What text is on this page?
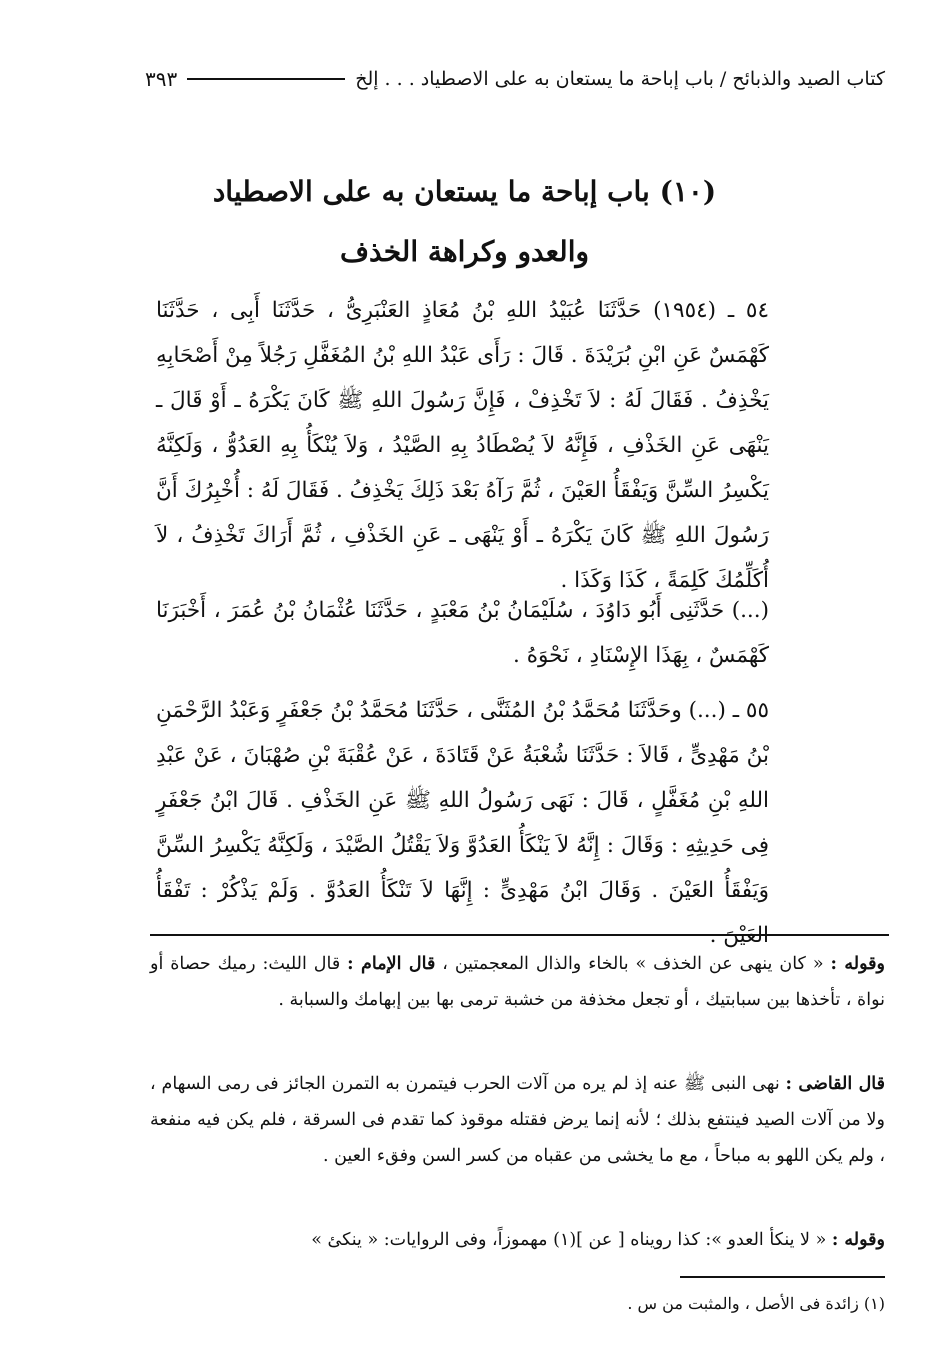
كتاب الصيد والذبائح / باب إباحة ما يستعان به على الاصطياد . . . إلخ
٣٩٣
(١٠) باب إباحة ما يستعان به على الاصطياد
والعدو وكراهة الخذف
٥٤ ـ (١٩٥٤) حَدَّثَنَا عُبَيْدُ اللهِ بْنُ مُعَاذٍ العَنْبَرِىُّ ، حَدَّثَنَا أَبِى ، حَدَّثَنَا كَهْمَسٌ عَنِ ابْنِ بُرَيْدَةَ . قَالَ : رَأَى عَبْدُ اللهِ بْنُ المُغَفَّلِ رَجُلاً مِنْ أَصْحَابِهِ يَخْذِفُ . فَقَالَ لَهُ : لاَ تَخْذِفْ ، فَإِنَّ رَسُولَ اللهِ ﷺ كَانَ يَكْرَهُ ـ أَوْ قَالَ ـ يَنْهَى عَنِ الخَذْفِ ، فَإِنَّهُ لاَ يُصْطَادُ بِهِ الصَّيْدُ ، وَلاَ يُنْكَأُ بِهِ العَدُوُّ ، وَلَكِنَّهُ يَكْسِرُ السِّنَّ وَيَفْقَأُ العَيْنَ ، ثُمَّ رَآهُ بَعْدَ ذَلِكَ يَخْذِفُ . فَقَالَ لَهُ : أُخْبِرُكَ أَنَّ رَسُولَ اللهِ ﷺ كَانَ يَكْرَهُ ـ أَوْ يَنْهَى ـ عَنِ الخَذْفِ ، ثُمَّ أَرَاكَ تَخْذِفُ ، لاَ أُكَلِّمُكَ كَلِمَةً ، كَذَا وَكَذَا .
(...) حَدَّثَنِى أَبُو دَاوُدَ ، سُلَيْمَانُ بْنُ مَعْبَدٍ ، حَدَّثَنَا عُثْمَانُ بْنُ عُمَرَ ، أَخْبَرَنَا كَهْمَسٌ ، بِهَذَا الإِسْنَادِ ، نَحْوَهُ .
٥٥ ـ (...) وحَدَّثَنَا مُحَمَّدُ بْنُ المُثَنَّى ، حَدَّثَنَا مُحَمَّدُ بْنُ جَعْفَرٍ وَعَبْدُ الرَّحْمَنِ بْنُ مَهْدِىٍّ ، قَالاَ : حَدَّثَنَا شُعْبَةُ عَنْ قَتَادَةَ ، عَنْ عُقْبَةَ بْنِ صُهْبَانَ ، عَنْ عَبْدِ اللهِ بْنِ مُغَفَّلٍ ، قَالَ : نَهَى رَسُولُ اللهِ ﷺ عَنِ الخَذْفِ . قَالَ ابْنُ جَعْفَرٍ فِى حَدِيثِهِ : وَقَالَ : إِنَّهُ لاَ يَنْكَأُ العَدُوَّ وَلاَ يَقْتُلُ الصَّيْدَ ، وَلَكِنَّهُ يَكْسِرُ السِّنَّ وَيَفْقَأُ العَيْنَ . وَقَالَ ابْنُ مَهْدِىٍّ : إِنَّهَا لاَ تَنْكَأُ العَدُوَّ . وَلَمْ يَذْكُرْ : تَفْقَأُ العَيْنَ .
وقوله : « كان ينهى عن الخذف » بالخاء والذال المعجمتين ، قال الإمام : قال الليث: رميك حصاة أو نواة ، تأخذها بين سبابتيك ، أو تجعل مخذفة من خشبة ترمى بها بين إبهامك والسبابة .
قال القاضى : نهى النبى ﷺ عنه إذ لم يره من آلات الحرب فيتمرن به التمرن الجائز فى رمى السهام ، ولا من آلات الصيد فينتفع بذلك ؛ لأنه إنما يرض فقتله موقوذ كما تقدم فى السرقة ، فلم يكن فيه منفعة ، ولم يكن اللهو به مباحاً ، مع ما يخشى من عقباه من كسر السن وفقء العين .
وقوله : « لا ينكأ العدو »: كذا رويناه [ عن ](١) مهموزاً، وفى الروايات: « ينكئ »
(١) زائدة فى الأصل ، والمثبت من س .
